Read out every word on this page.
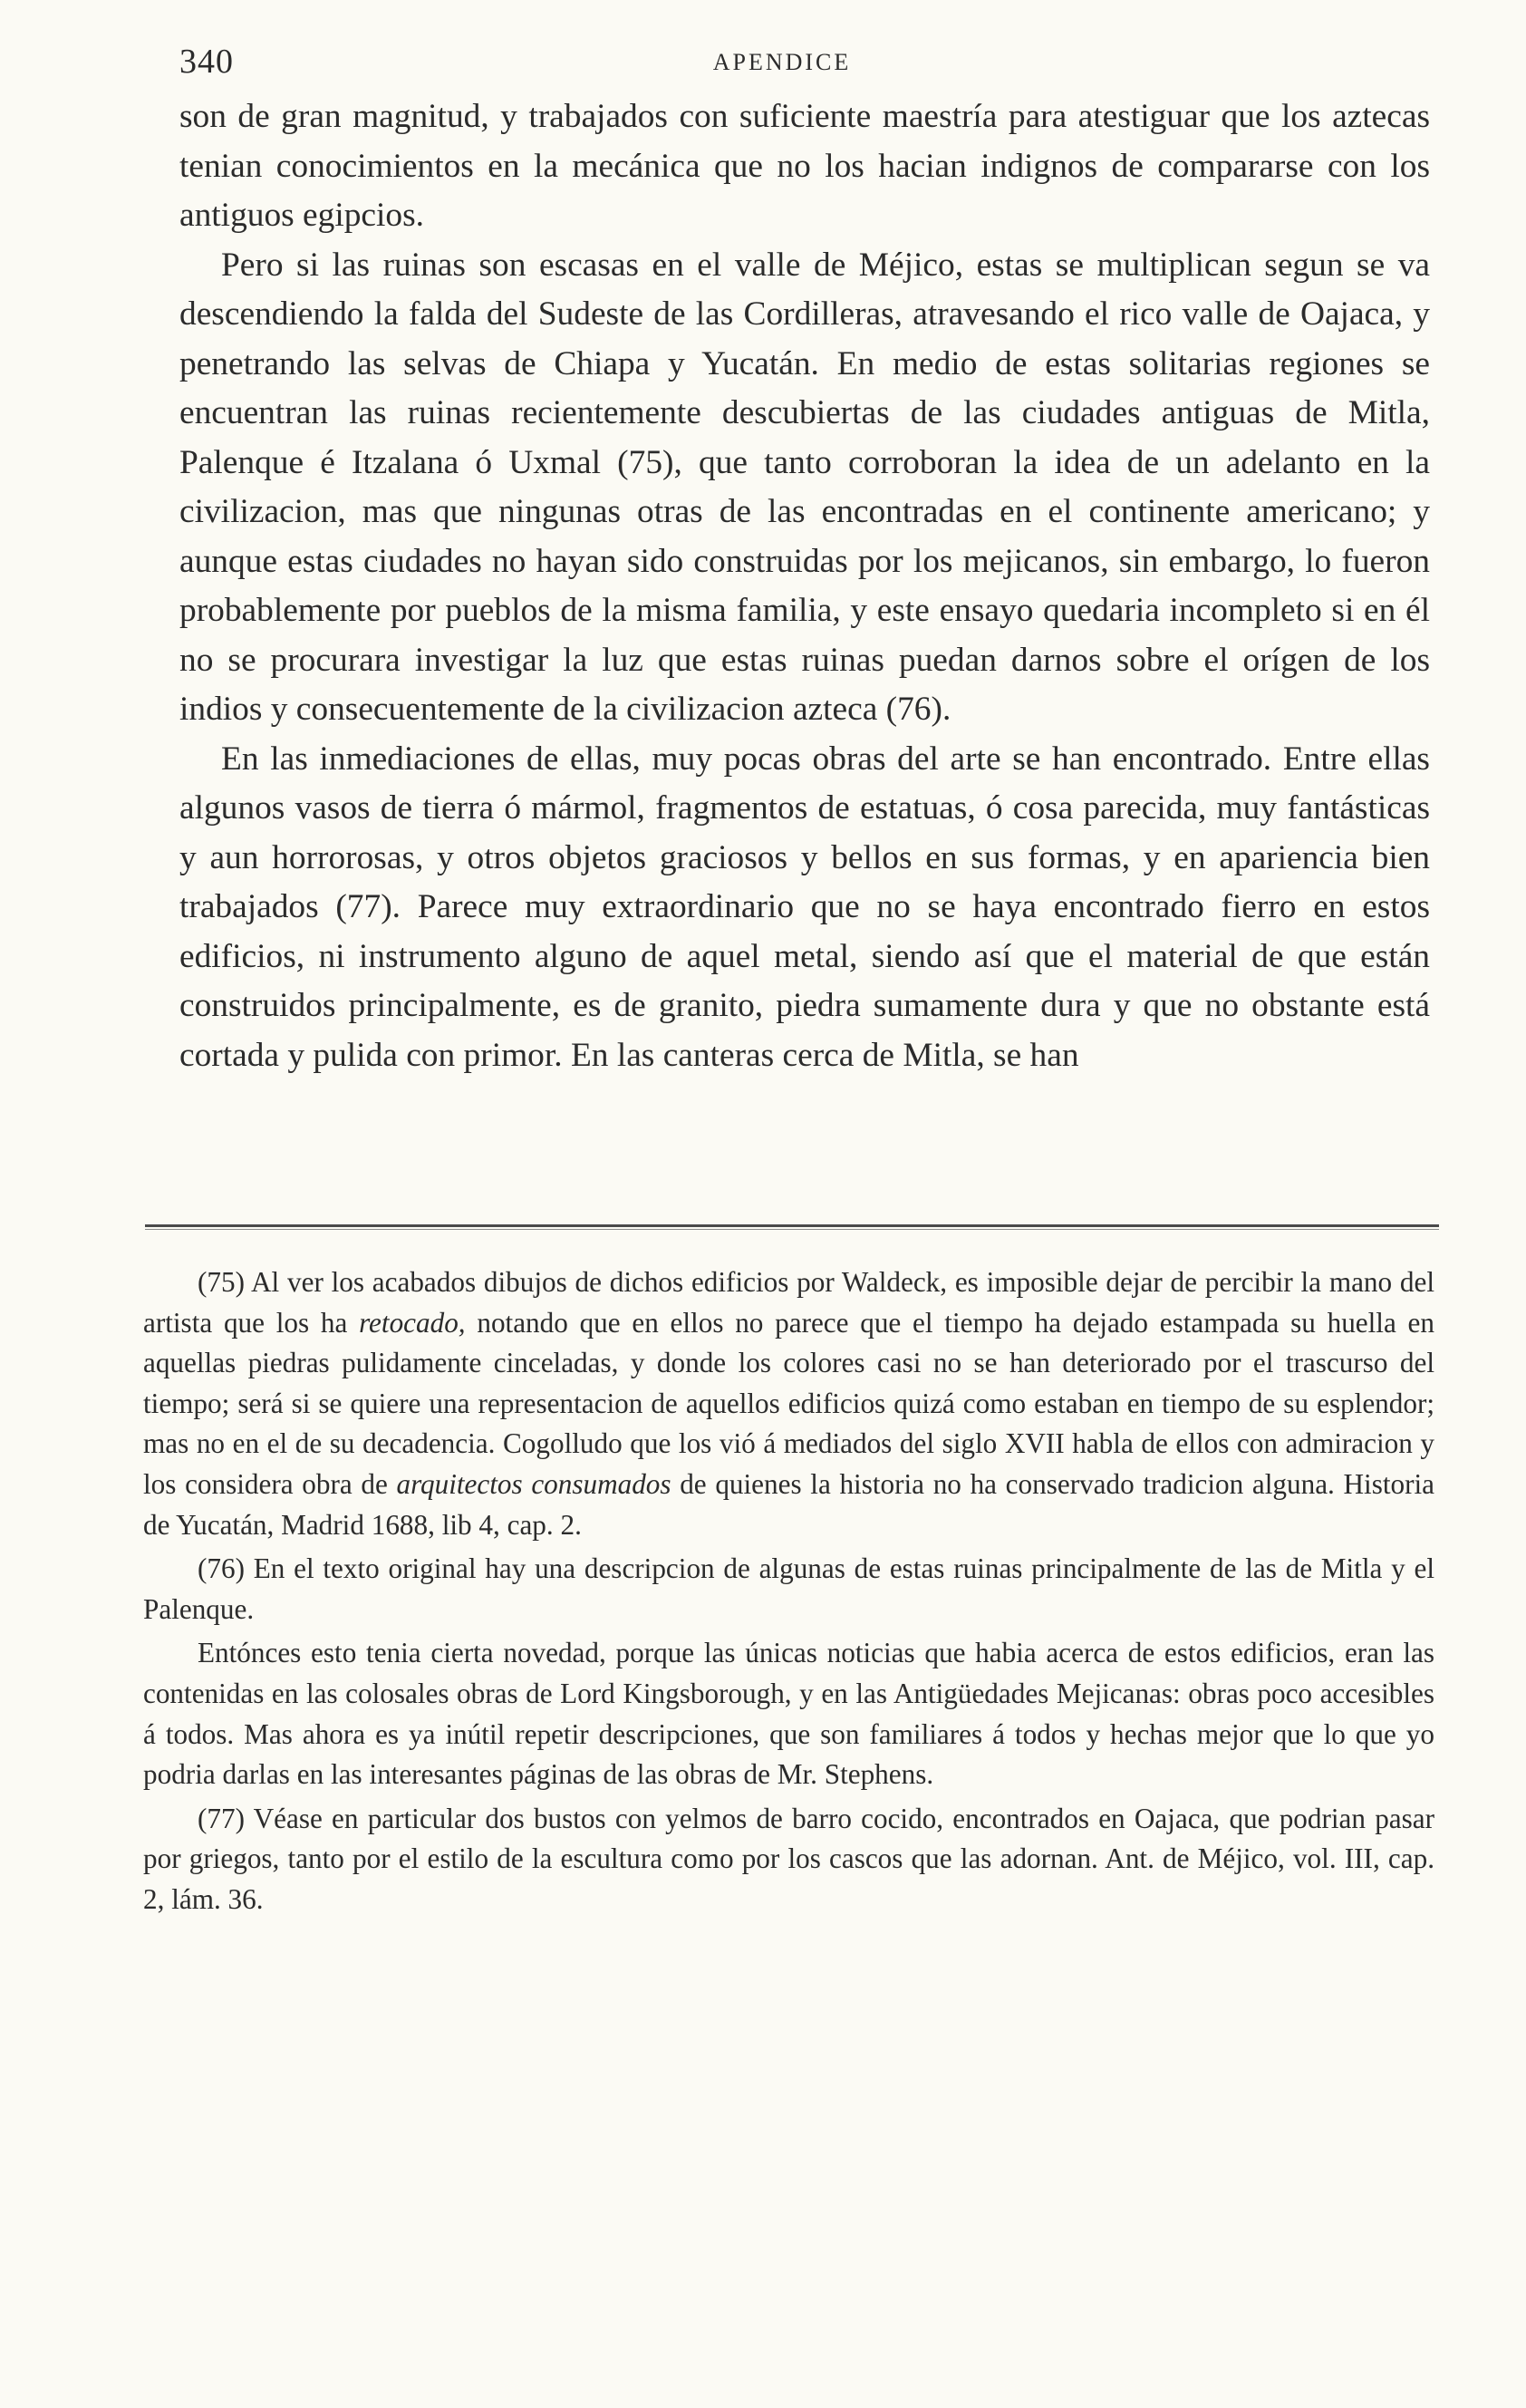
340	APENDICE

son de gran magnitud, y trabajados con suficiente maestría para atestiguar que los aztecas tenian conocimientos en la mecánica que no los hacian indignos de compararse con los antiguos egipcios.

Pero si las ruinas son escasas en el valle de Méjico, estas se multiplican segun se va descendiendo la falda del Sudeste de las Cordilleras, atravesando el rico valle de Oajaca, y penetrando las selvas de Chiapa y Yucatán. En medio de estas solitarias regiones se encuentran las ruinas recientemente descubiertas de las ciudades antiguas de Mitla, Palenque é Itzalana ó Uxmal (75), que tanto corroboran la idea de un adelanto en la civilizacion, mas que ningunas otras de las encontradas en el continente americano; y aunque estas ciudades no hayan sido construidas por los mejicanos, sin embargo, lo fueron probablemente por pueblos de la misma familia, y este ensayo quedaria incompleto si en él no se procurara investigar la luz que estas ruinas puedan darnos sobre el orígen de los indios y consecuentemente de la civilizacion azteca (76).

En las inmediaciones de ellas, muy pocas obras del arte se han encontrado. Entre ellas algunos vasos de tierra ó mármol, fragmentos de estatuas, ó cosa parecida, muy fantásticas y aun horrorosas, y otros objetos graciosos y bellos en sus formas, y en apariencia bien trabajados (77). Parece muy extraordinario que no se haya encontrado fierro en estos edificios, ni instrumento alguno de aquel metal, siendo así que el material de que están construidos principalmente, es de granito, piedra sumamente dura y que no obstante está cortada y pulida con primor. En las canteras cerca de Mitla, se han

(75) Al ver los acabados dibujos de dichos edificios por Waldeck, es imposible dejar de percibir la mano del artista que los ha retocado, notando que en ellos no parece que el tiempo ha dejado estampada su huella en aquellas piedras pulidamente cinceladas, y donde los colores casi no se han deteriorado por el trascurso del tiempo; será si se quiere una representacion de aquellos edificios quizá como estaban en tiempo de su esplendor; mas no en el de su decadencia. Cogolludo que los vió á mediados del siglo XVII habla de ellos con admiracion y los considera obra de arquitectos consumados de quienes la historia no ha conservado tradicion alguna. Historia de Yucatán, Madrid 1688, lib 4, cap. 2.

(76) En el texto original hay una descripcion de algunas de estas ruinas principalmente de las de Mitla y el Palenque.

Entónces esto tenia cierta novedad, porque las únicas noticias que habia acerca de estos edificios, eran las contenidas en las colosales obras de Lord Kingsborough, y en las Antigüedades Mejicanas: obras poco accesibles á todos. Mas ahora es ya inútil repetir descripciones, que son familiares á todos y hechas mejor que lo que yo podria darlas en las interesantes páginas de las obras de Mr. Stephens.

(77) Véase en particular dos bustos con yelmos de barro cocido, encontrados en Oajaca, que podrian pasar por griegos, tanto por el estilo de la escultura como por los cascos que las adornan. Ant. de Méjico, vol. III, cap. 2, lám. 36.
